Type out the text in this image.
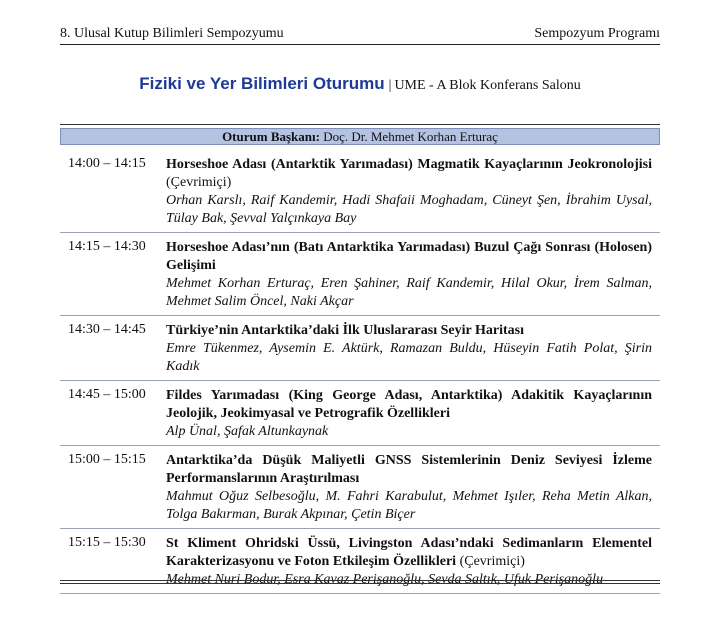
8. Ulusal Kutup Bilimleri Sempozyumu	Sempozyum Programı
Fiziki ve Yer Bilimleri Oturumu | UME - A Blok Konferans Salonu
Oturum Başkanı: Doç. Dr. Mehmet Korhan Erturaç
14:00 – 14:15 Horseshoe Adası (Antarktik Yarımadası) Magmatik Kayaçlarının Jeokronolojisi (Çevrimiçi)
Orhan Karslı, Raif Kandemir, Hadi Shafaii Moghadam, Cüneyt Şen, İbrahim Uysal, Tülay Bak, Şevval Yalçınkaya Bay
14:15 – 14:30 Horseshoe Adası’nın (Batı Antarktika Yarımadası) Buzul Çağı Sonrası (Holosen) Gelişimi
Mehmet Korhan Erturaç, Eren Şahiner, Raif Kandemir, Hilal Okur, İrem Salman, Mehmet Salim Öncel, Naki Akçar
14:30 – 14:45 Türkiye’nin Antarktika’daki İlk Uluslararası Seyir Haritası
Emre Tükenmez, Aysemin E. Aktürk, Ramazan Buldu, Hüseyin Fatih Polat, Şirin Kadık
14:45 – 15:00 Fildes Yarımadası (King George Adası, Antarktika) Adakitik Kayaçlarının Jeolojik, Jeokimyasal ve Petrografik Özellikleri
Alp Ünal, Şafak Altunkaynak
15:00 – 15:15 Antarktika’da Düşük Maliyetli GNSS Sistemlerinin Deniz Seviyesi İzleme Performanslarının Araştırılması
Mahmut Oğuz Selbesoğlu, M. Fahri Karabulut, Mehmet Işıler, Reha Metin Alkan, Tolga Bakırman, Burak Akpınar, Çetin Biçer
15:15 – 15:30 St Kliment Ohridski Üssü, Livingston Adası’ndaki Sedimanların Elementel Karakterizasyonu ve Foton Etkileşim Özellikleri (Çevrimiçi)
Mehmet Nuri Bodur, Esra Kavaz Perişanoğlu, Sevda Saltık, Ufuk Perişanoğlu
